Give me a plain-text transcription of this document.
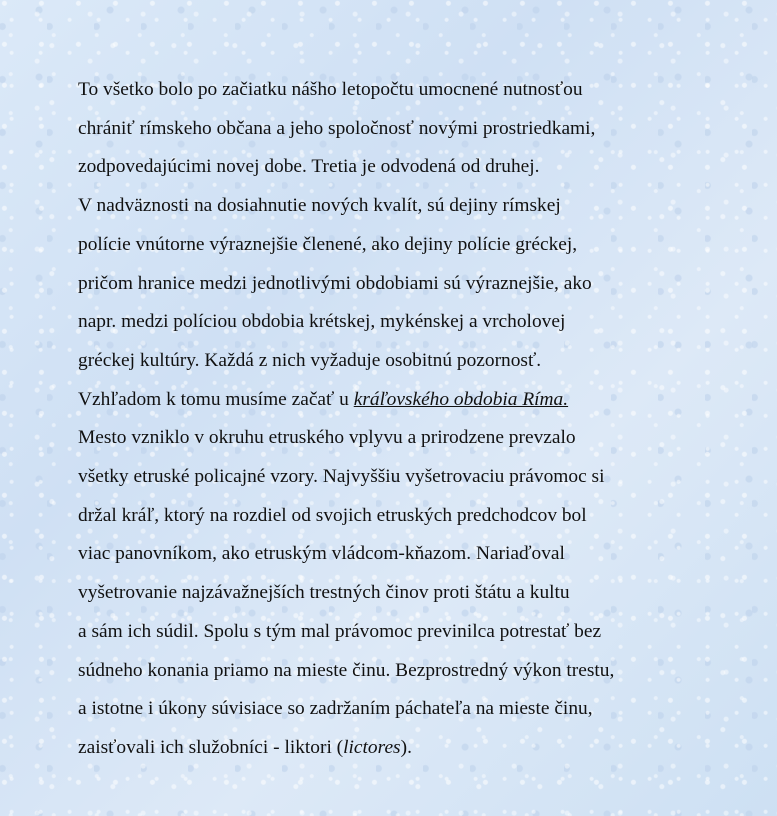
To všetko bolo po začiatku nášho letopočtu umocnené nutnosťou
chrániť rímskeho občana a jeho spoločnosť novými prostriedkami,
zodpovedajúcimi novej dobe. Tretia je odvodená od druhej.
V nadväznosti na dosiahnutie nových kvalít, sú dejiny rímskej
polície vnútorne výraznejšie členené, ako dejiny polície gréckej,
pričom hranice medzi jednotlivými obdobiami sú výraznejšie, ako
napr. medzi políciou obdobia krétskej, mykénskej a vrcholovej
gréckej kultúry. Každá z nich vyžaduje osobitnú pozornosť.
Vzhľadom k tomu musíme začať u kráľovského obdobia Ríma.
Mesto vzniklo v okruhu etruského vplyvu a prirodzene prevzalo
všetky etruské policajné vzory. Najvyššiu vyšetrovaciu právomoc si
držal kráľ, ktorý na rozdiel od svojich etruských predchodcov bol
viac panovníkom, ako etruským vládcom-kňazom. Nariaďoval
vyšetrovanie najzávažnejších trestných činov proti štátu a kultu
a sám ich súdil. Spolu s tým mal právomoc previnilca potrestať bez
súdneho konania priamo na mieste činu. Bezprostredný výkon trestu,
a istotne i úkony súvisiace so zadržaním páchateľa na mieste činu,
zaisťovali ich služobníci - liktori (lictores).
